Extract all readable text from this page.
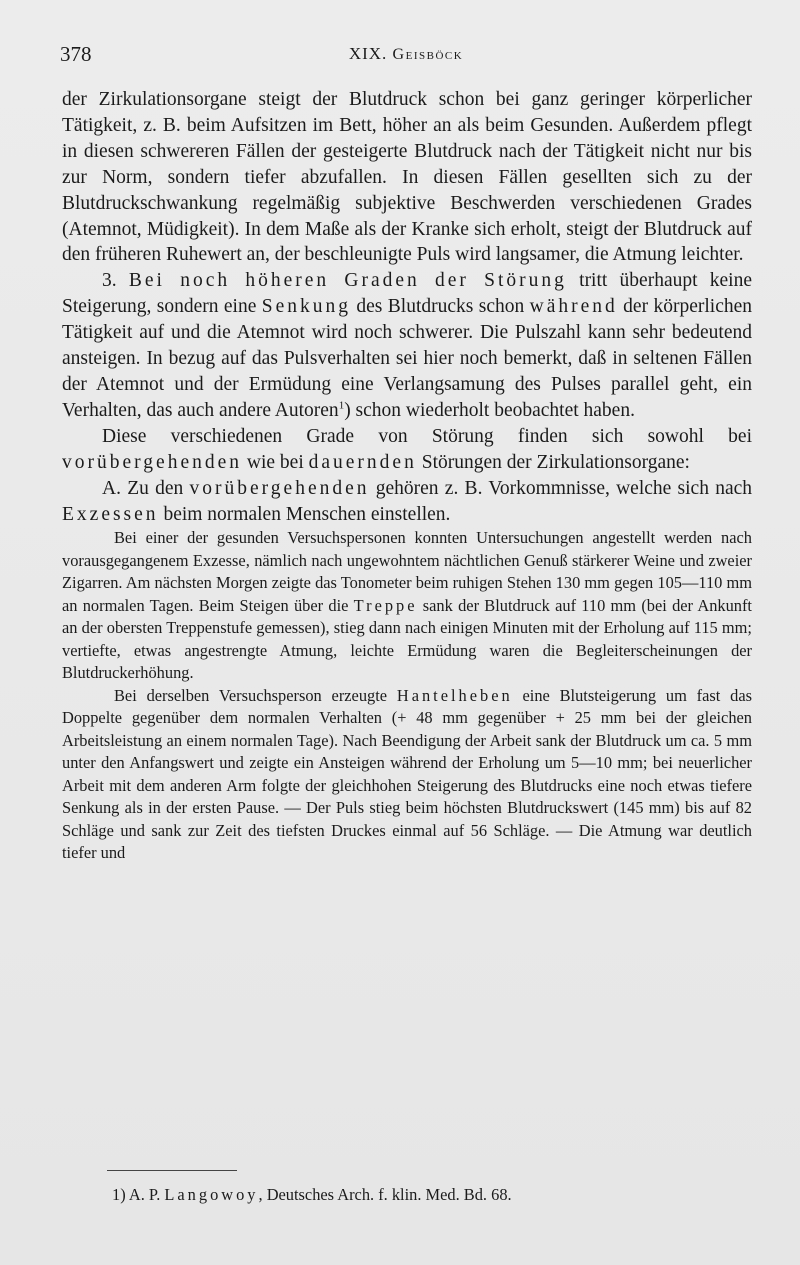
378	XIX. Geisböck

der Zirkulationsorgane steigt der Blutdruck schon bei ganz geringer körperlicher Tätigkeit, z. B. beim Aufsitzen im Bett, höher an als beim Gesunden. Außerdem pflegt in diesen schwereren Fällen der gesteigerte Blutdruck nach der Tätigkeit nicht nur bis zur Norm, sondern tiefer abzufallen. In diesen Fällen gesellten sich zu der Blutdruckschwankung regelmäßig subjektive Beschwerden verschiedenen Grades (Atemnot, Müdigkeit). In dem Maße als der Kranke sich erholt, steigt der Blutdruck auf den früheren Ruhewert an, der beschleunigte Puls wird langsamer, die Atmung leichter.

3. Bei noch höheren Graden der Störung tritt überhaupt keine Steigerung, sondern eine Senkung des Blutdrucks schon während der körperlichen Tätigkeit auf und die Atemnot wird noch schwerer. Die Pulszahl kann sehr bedeutend ansteigen. In bezug auf das Pulsverhalten sei hier noch bemerkt, daß in seltenen Fällen der Atemnot und der Ermüdung eine Verlangsamung des Pulses parallel geht, ein Verhalten, das auch andere Autoren$^1$) schon wiederholt beobachtet haben.

Diese verschiedenen Grade von Störung finden sich sowohl bei vorübergehenden wie bei dauernden Störungen der Zirkulationsorgane:

A. Zu den vorübergehenden gehören z. B. Vorkommnisse, welche sich nach Exzessen beim normalen Menschen einstellen.

Bei einer der gesunden Versuchspersonen konnten Untersuchungen angestellt werden nach vorausgegangenem Exzesse, nämlich nach ungewohntem nächtlichen Genuß stärkerer Weine und zweier Zigarren. Am nächsten Morgen zeigte das Tonometer beim ruhigen Stehen 130 mm gegen 105—110 mm an normalen Tagen. Beim Steigen über die Treppe sank der Blutdruck auf 110 mm (bei der Ankunft an der obersten Treppenstufe gemessen), stieg dann nach einigen Minuten mit der Erholung auf 115 mm; vertiefte, etwas angestrengte Atmung, leichte Ermüdung waren die Begleiterscheinungen der Blutdruckerhöhung.

Bei derselben Versuchsperson erzeugte Hantelheben eine Blutsteigerung um fast das Doppelte gegenüber dem normalen Verhalten (+ 48 mm gegenüber + 25 mm bei der gleichen Arbeitsleistung an einem normalen Tage). Nach Beendigung der Arbeit sank der Blutdruck um ca. 5 mm unter den Anfangswert und zeigte ein Ansteigen während der Erholung um 5—10 mm; bei neuerlicher Arbeit mit dem anderen Arm folgte der gleichhohen Steigerung des Blutdrucks eine noch etwas tiefere Senkung als in der ersten Pause. — Der Puls stieg beim höchsten Blutdruckswert (145 mm) bis auf 82 Schläge und sank zur Zeit des tiefsten Druckes einmal auf 56 Schläge. — Die Atmung war deutlich tiefer und

1) A. P. Langowoy, Deutsches Arch. f. klin. Med. Bd. 68.
